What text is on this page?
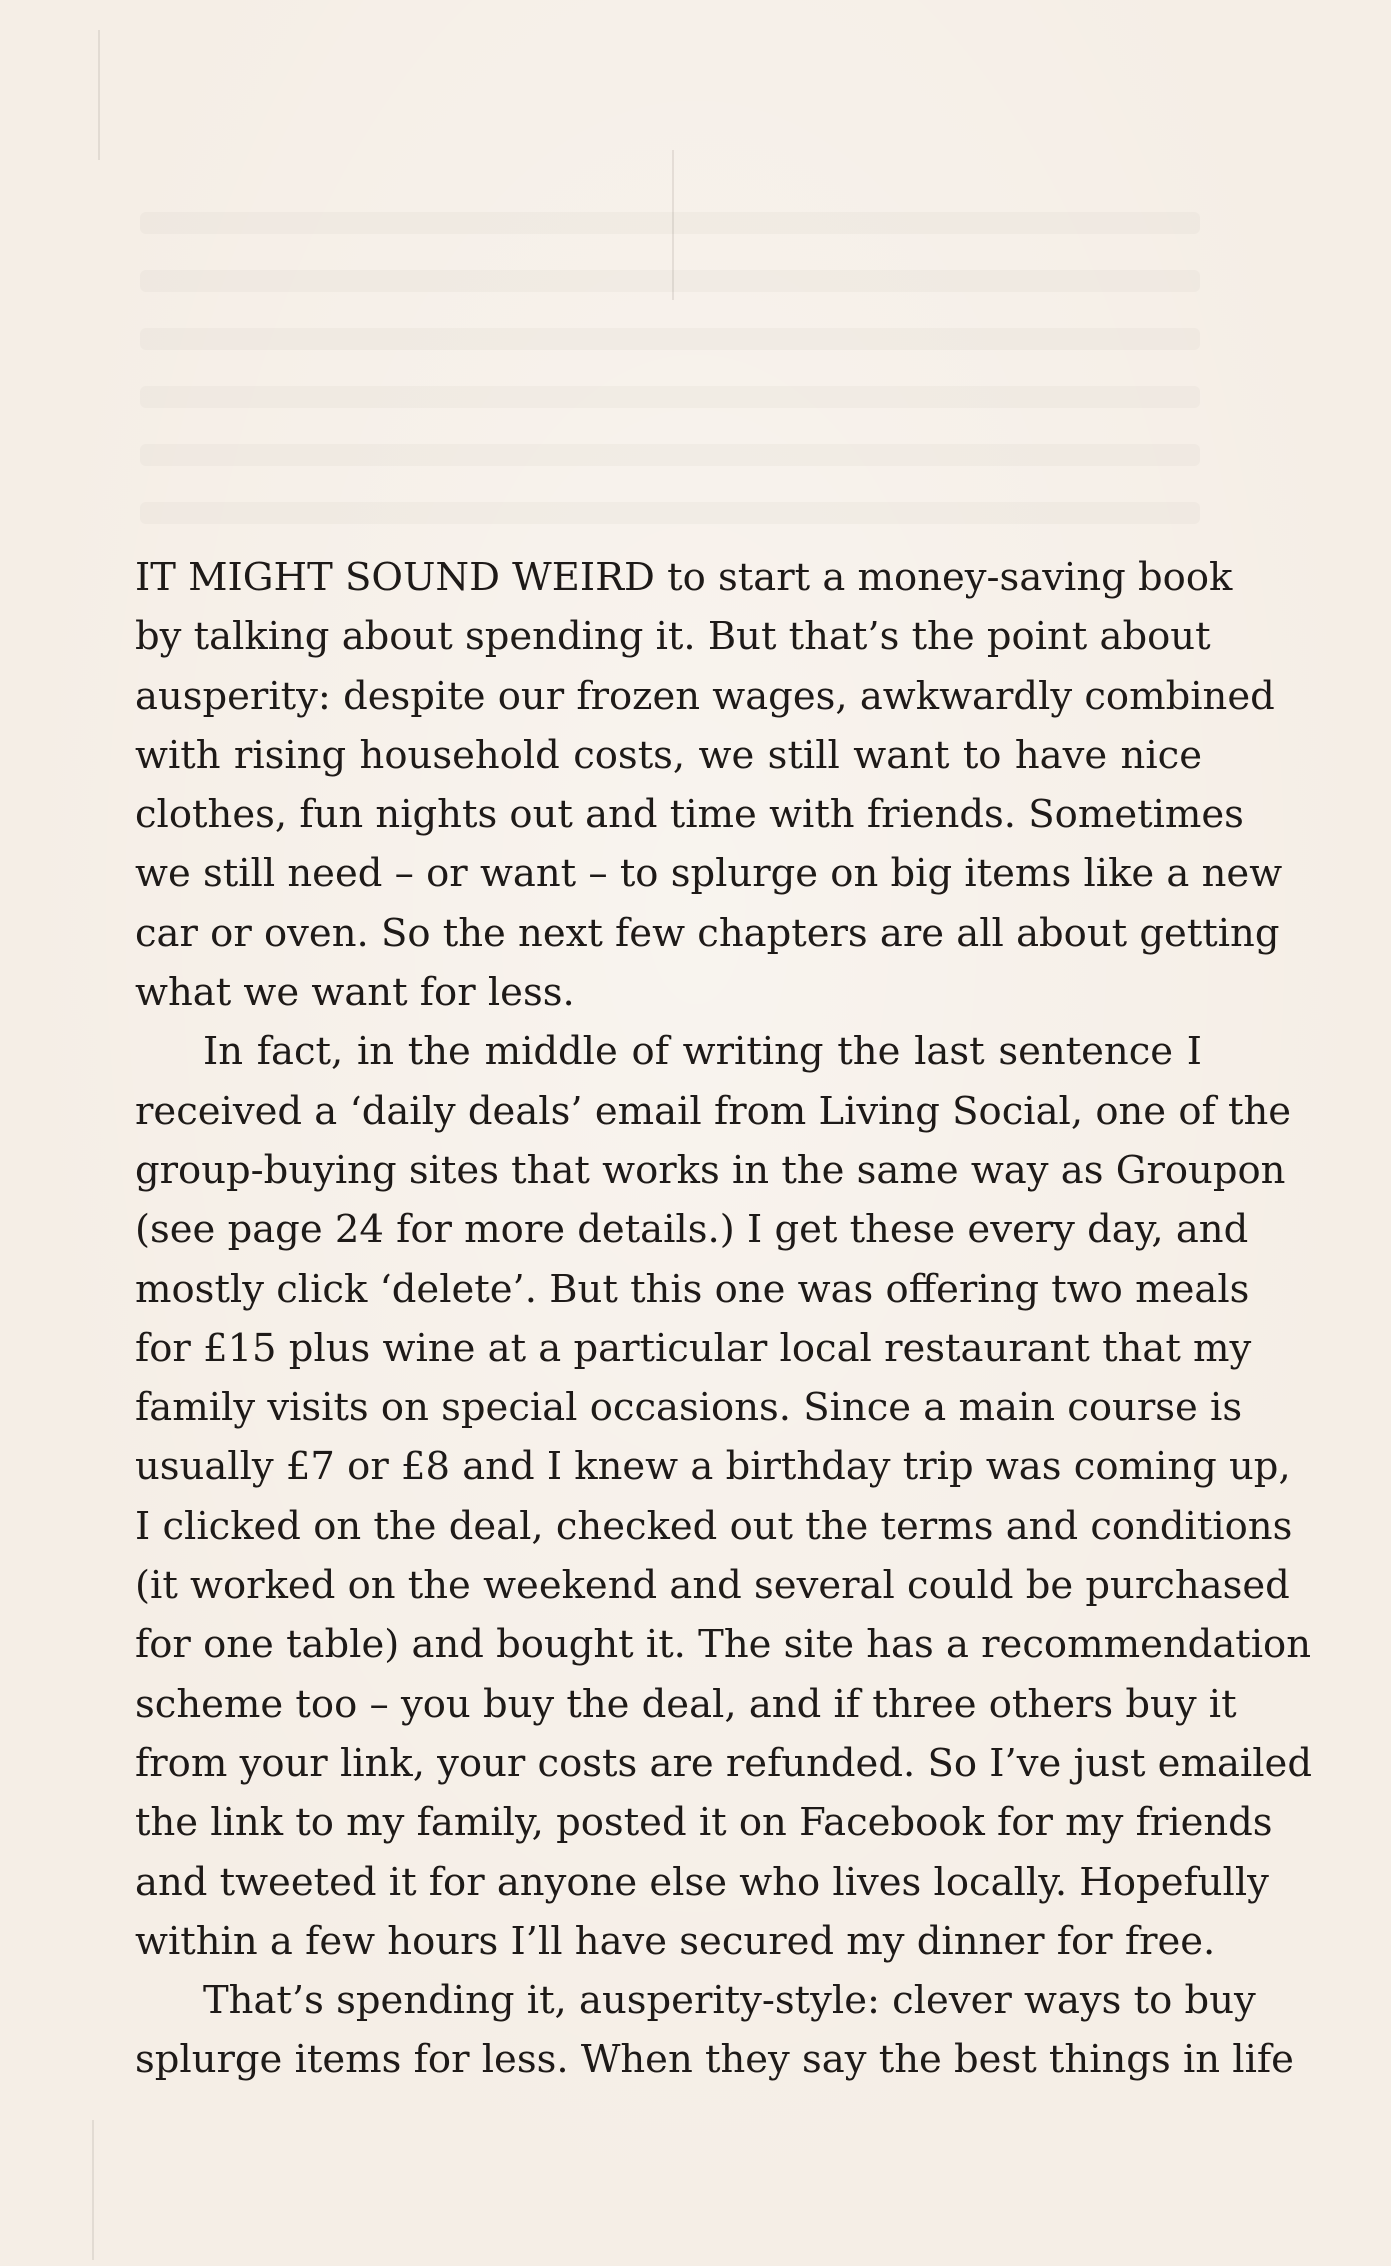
IT MIGHT SOUND WEIRD to start a money-saving book
by talking about spending it. But that’s the point about
ausperity: despite our frozen wages, awkwardly combined
with rising household costs, we still want to have nice
clothes, fun nights out and time with friends. Sometimes
we still need – or want – to splurge on big items like a new
car or oven. So the next few chapters are all about getting
what we want for less.
In fact, in the middle of writing the last sentence I
received a ‘daily deals’ email from Living Social, one of the
group-buying sites that works in the same way as Groupon
(see page 24 for more details.) I get these every day, and
mostly click ‘delete’. But this one was offering two meals
for £15 plus wine at a particular local restaurant that my
family visits on special occasions. Since a main course is
usually £7 or £8 and I knew a birthday trip was coming up,
I clicked on the deal, checked out the terms and conditions
(it worked on the weekend and several could be purchased
for one table) and bought it. The site has a recommendation
scheme too – you buy the deal, and if three others buy it
from your link, your costs are refunded. So I’ve just emailed
the link to my family, posted it on Facebook for my friends
and tweeted it for anyone else who lives locally. Hopefully
within a few hours I’ll have secured my dinner for free.
That’s spending it, ausperity-style: clever ways to buy
splurge items for less. When they say the best things in life
